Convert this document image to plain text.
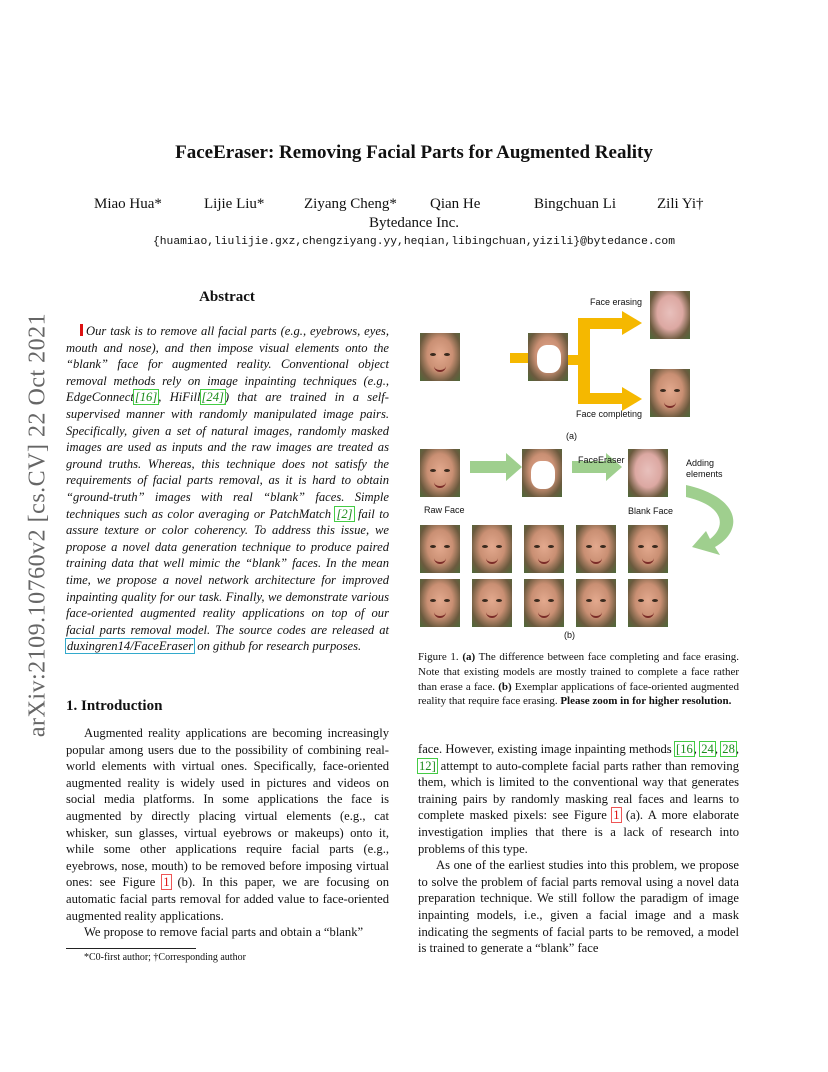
arXiv:2109.10760v2 [cs.CV] 22 Oct 2021
FaceEraser: Removing Facial Parts for Augmented Reality
Miao Hua*	Lijie Liu*	Ziyang Cheng* Qian He	Bingchuan Li	Zili Yi†
Bytedance Inc.
{huamiao,liulijie.gxz,chengziyang.yy,heqian,libingchuan,yizili}@bytedance.com
Abstract
Our task is to remove all facial parts (e.g., eyebrows, eyes, mouth and nose), and then impose visual elements onto the “blank” face for augmented reality. Conventional object removal methods rely on image inpainting techniques (e.g., EdgeConnect[16], HiFill[24]) that are trained in a self-supervised manner with randomly manipulated image pairs. Specifically, given a set of natural images, randomly masked images are used as inputs and the raw images are treated as ground truths. Whereas, this technique does not satisfy the requirements of facial parts removal, as it is hard to obtain “ground-truth” images with real “blank” faces. Simple techniques such as color averaging or PatchMatch [2] fail to assure texture or color coherency. To address this issue, we propose a novel data generation technique to produce paired training data that well mimic the “blank” faces. In the mean time, we propose a novel network architecture for improved inpainting quality for our task. Finally, we demonstrate various face-oriented augmented reality applications on top of our facial parts removal model. The source codes are released at duxingren14/FaceEraser on github for research purposes.
1. Introduction

Augmented reality applications are becoming increasingly popular among users due to the possibility of combining real-world elements with virtual ones. Specifically, face-oriented augmented reality is widely used in pictures and videos on social media platforms. In some applications the face is augmented by directly placing virtual elements (e.g., cat whisker, sun glasses, virtual eyebrows or makeups) onto it, while some other applications require facial parts (e.g., eyebrows, nose, mouth) to be removed before imposing virtual ones: see Figure 1 (b). In this paper, we are focusing on automatic facial parts removal for added value to face-oriented augmented reality applications.

We propose to remove facial parts and obtain a “blank”

*C0-first author; †Corresponding author
Face erasing
Face completing
(a)
FaceEraser	Adding elements
Raw Face	Blank Face
(b)
Figure 1. (a) The difference between face completing and face erasing. Note that existing models are mostly trained to complete a face rather than erase a face. (b) Exemplar applications of face-oriented augmented reality that require face erasing. Please zoom in for higher resolution.

face. However, existing image inpainting methods [16, 24, 28, 12] attempt to auto-complete facial parts rather than removing them, which is limited to the conventional way that generates training pairs by randomly masking real faces and learns to complete masked pixels: see Figure 1 (a). A more elaborate investigation implies that there is a lack of research into problems of this type.

As one of the earliest studies into this problem, we propose to solve the problem of facial parts removal using a novel data preparation technique. We still follow the paradigm of image inpainting models, i.e., given a facial image and a mask indicating the segments of facial parts to be removed, a model is trained to generate a “blank” face
